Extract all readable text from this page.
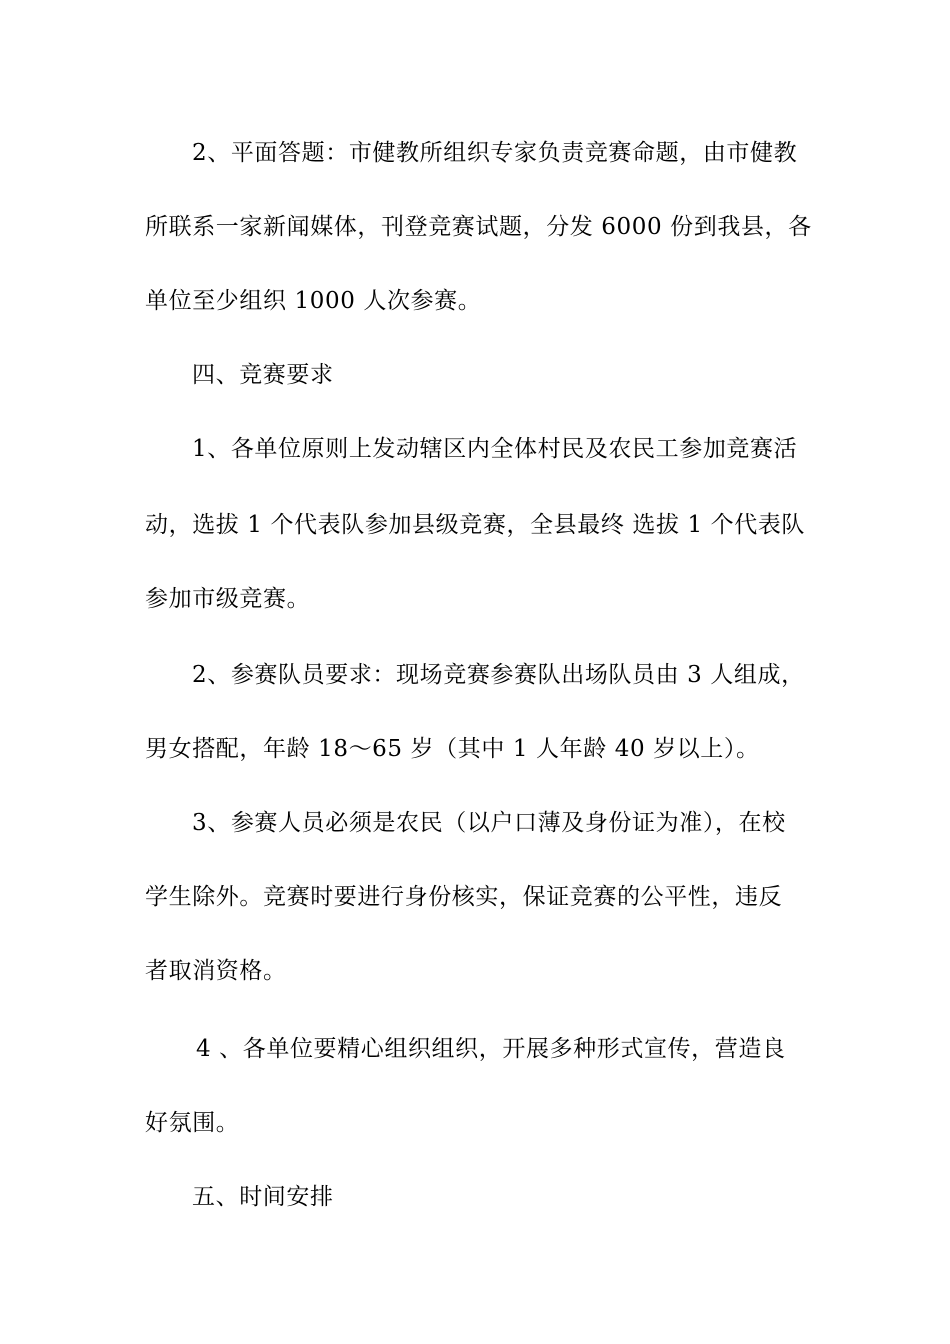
2、平面答题：市健教所组织专家负责竞赛命题，由市健教
所联系一家新闻媒体，刊登竞赛试题，分发 6000 份到我县，各
单位至少组织 1000 人次参赛。
四、竞赛要求
1、各单位原则上发动辖区内全体村民及农民工参加竞赛活
动，选拔 1 个代表队参加县级竞赛，全县最终 选拔 1 个代表队
参加市级竞赛。
2、参赛队员要求：现场竞赛参赛队出场队员由 3 人组成，
男女搭配，年龄 18～65 岁（其中 1 人年龄 40 岁以上）。
3、参赛人员必须是农民（以户口薄及身份证为准），在校
学生除外。竞赛时要进行身份核实，保证竞赛的公平性，违反
者取消资格。
4 、各单位要精心组织组织，开展多种形式宣传，营造良
好氛围。
五、时间安排
